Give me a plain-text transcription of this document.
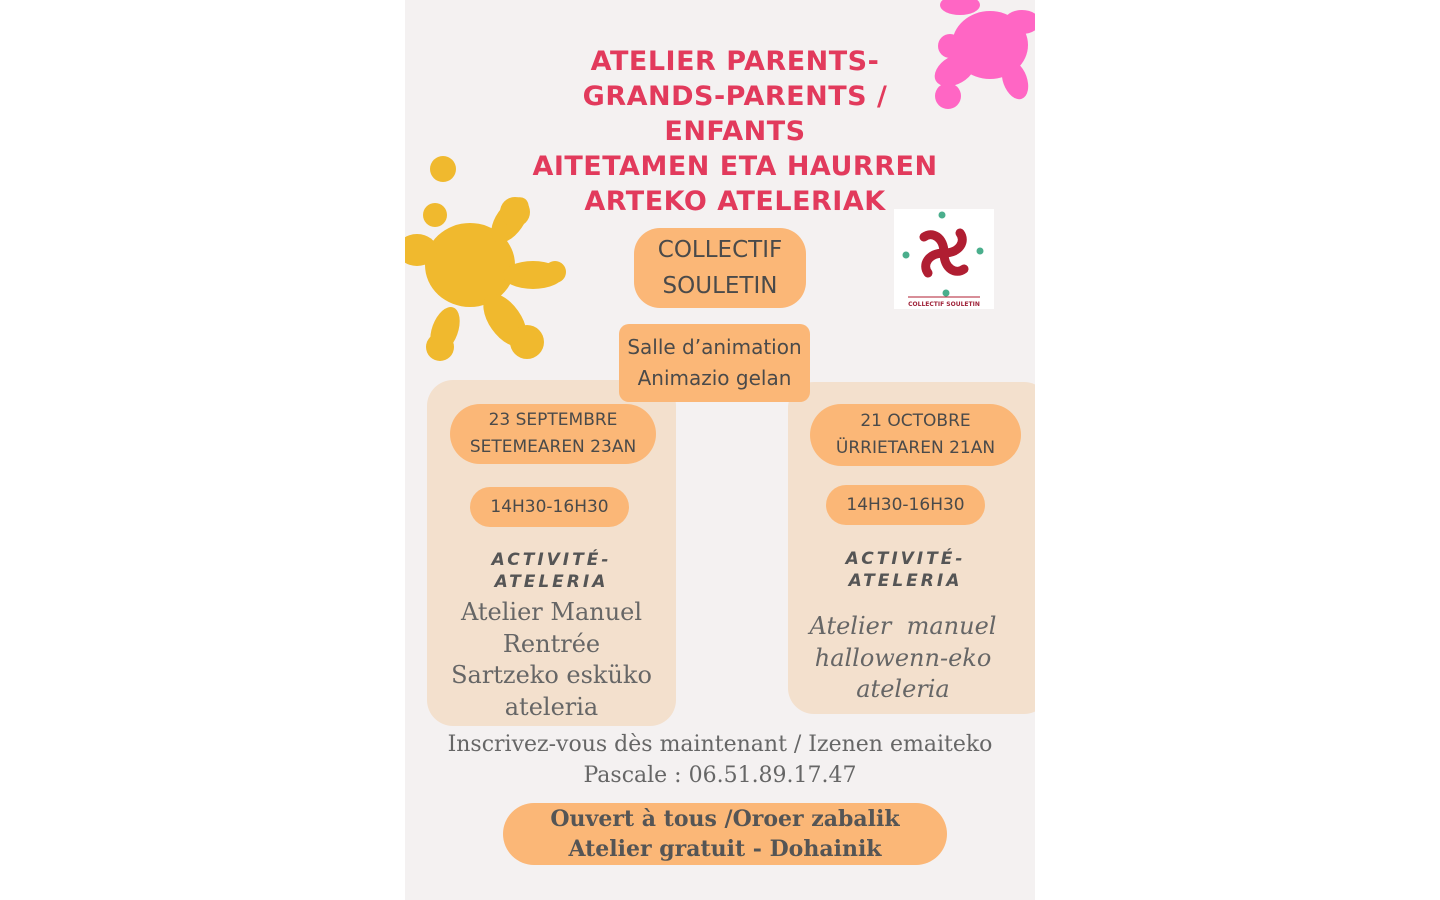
ATELIER PARENTS-
GRANDS-PARENTS /
ENFANTS
AITETAMEN ETA HAURREN
ARTEKO ATELERIAK
COLLECTIF
SOULETIN
COLLECTIF SOULETIN
Salle d’animation
Animazio gelan
23 SEPTEMBRE
SETEMEAREN 23AN
14H30-16H30
ACTIVITÉ-
ATELERIA
Atelier Manuel
Rentrée
Sartzeko esküko
ateleria
21 OCTOBRE
ÜRRIETAREN 21AN
14H30-16H30
ACTIVITÉ-
ATELERIA
Atelier  manuel
hallowenn-eko
ateleria
Inscrivez-vous dès maintenant / Izenen emaiteko
Pascale : 06.51.89.17.47
Ouvert à tous /Oroer zabalik
Atelier gratuit - Dohainik
